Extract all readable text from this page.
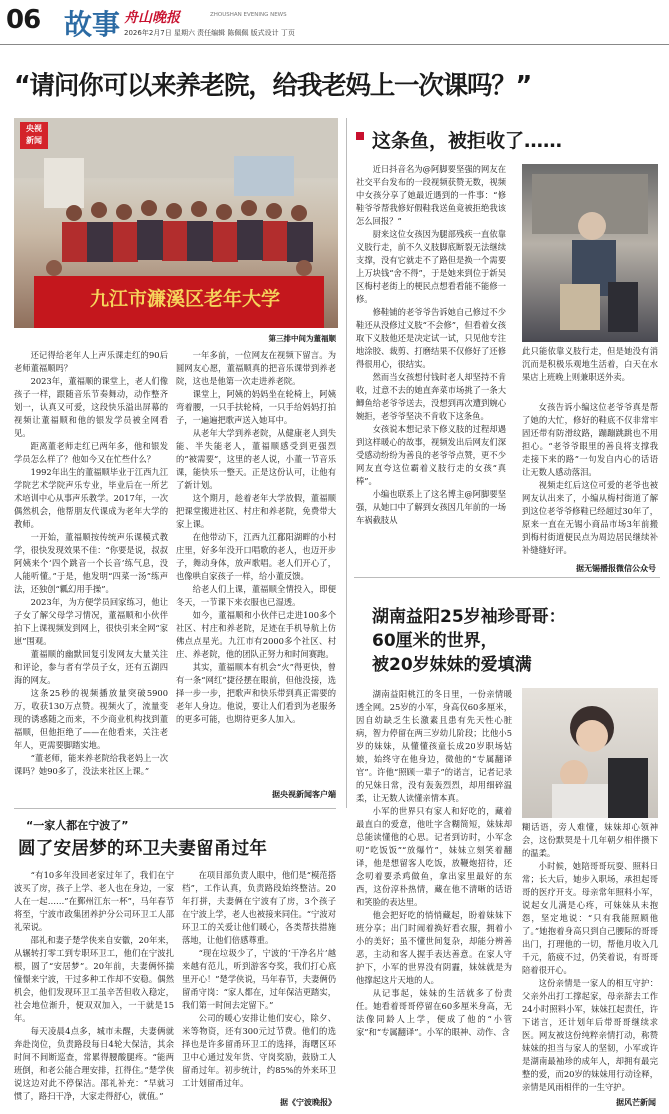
06 故事 舟山晚报	ZHOUSHAN EVENING NEWS
2026年2月7日 星期六 责任编辑 陈佩佩 版式设计 丁页
“请问你可以来养老院，给我老妈上一次课吗？”
央视
新闻
九江市濂溪区老年大学
第三排中间为董福顺

还记得给老年人上声乐课走红的90后老师董福顺吗？

2023年，董福顺的课堂上，老人们像孩子一样，跟随音乐节奏舞动，动作整齐划一，认真又可爱，这段快乐溢出屏幕的视频让董福顺和他的银发学员被全网看见。

距离董老师走红已两年多，他和银发学员怎么样了？他如今又在忙些什么？

1992年出生的董福顺毕业于江西九江学院艺术学院声乐专业，毕业后在一所艺术培训中心从事声乐教学。2017年，一次偶然机会，他帮朋友代课成为老年大学的教师。

一开始，董福顺按传统声乐课模式教学，很快发现效果不佳：“你要是说，叔叔阿姨来个‘四个跳音一个长音’练气息，没人能听懂。”于是，他发明“四菜一汤”练声法，还独创“瓤幻用手操”。

2023年，为方便学员回家练习，他让子女了解父母学习情况，董福顺和小伙伴拍下上课视频发到网上，很快引来全网“家崽”围观。

董福顺的幽默回复引发网友大量关注和评论，参与者有学员子女，还有五湖四海的网友。

这条25秒的视频播放量突破5900万，收获130万点赞。视频火了，流量变现的诱惑随之而来，不少商业机构找到董福顺，但他拒绝了——在他看来，关注老年人，更需要脚踏实地。

“董老师，能来养老院给我老妈上一次课吗？她90多了，没法来社区上课。”

一年多前，一位网友在视频下留言。为圆网友心愿，董福顺真的把音乐课带到养老院，这也是他第一次走进养老院。

课堂上，阿姨的妈妈坐在轮椅上，阿姨弯着腰，一只手扶轮椅，一只手给妈妈打拍子，一遍遍把歌声送入她耳中。

从老年大学到养老院，从健康老人到失能、半失能老人，董福顺感受到更强烈的“被需要”，这里的老人说，小董一节音乐课，能快乐一整天。正是这份认可，让他有了新计划。

这个期月，趁着老年大学放假，董福顺把课堂搬进社区、村庄和养老院，免费带大家上课。

在他带动下，江西九江鄱阳湖畔的小村庄里，好多年没开口唱歌的老人，也迈开步子，舞动身体，放声歌唱。老人们开心了，也像哄自家孩子一样，给小董反馈。

给老人们上课，董福顺全情投入，即便冬天，一节课下来衣服也已湿透。

如今，董福顺和小伙伴已走进100多个社区、村庄和养老院，足迹在手机导航上仿佛点点星光。九江市有2000多个社区、村庄、养老院，他的团队正努力和时间赛跑。

其实，董福顺本有机会“火”得更快，曾有一条“网红”捷径摆在眼前，但他没接，选择一步一步，把歌声和快乐带到真正需要的老年人身边。他说，要让人们看到为老服务的更多可能，也期待更多人加入。

据央视新闻客户端
这条鱼，被拒收了……

近日抖音名为@阿脚要坚强的网友在社交平台发布的一段视频获赞无数，视频中女孩分享了她最近遇到的一件事：“修鞋爷爷帮我修好假鞋我送鱼竟被拒绝我该怎么回报？”

厨来这位女孩因为腿部残疾一直依靠义肢行走，前不久义肢脚底断裂无法继续支撑，没有它就走不了路但是换一个需要上万块钱“舍不得”，于是她来到位于新吴区梅村老街上的梗民点想看看能不能修一修。

修鞋铺的老爷爷告诉她自己修过不少鞋还从没修过义肢“不会修”，但看着女孩取下义肢他还是决定试一试，只见他专注地涂胶、裁剪、打磨结果不仅修好了还修得很用心，很结实。

然而当女孩想付钱时老人却坚持不肯收，过意不去的她直奔菜市场挑了一条大鲫鱼给老爷爷送去，没想到再次遭到婉心婉拒，老爷爷坚决不肯收下这条鱼。

女孩说本想记录下修义肢的过程却遇到这样暖心的故事，视频发出后网友们深受感动纷纷为善良的老爷爷点赞，更不少网友直夸这位霸着义肢行走的女孩“真棒”。

小编也联系上了这名博主@阿脚要坚强，从她口中了解到女孩因几年前的一场车祸截肢从

此只能依靠义肢行走，但是她没有消沉而是积极乐观地生活着，白天在水果店上班晚上则兼职送外卖。

女孩告诉小编这位老爷爷真是帮了她的大忙，修好的鞋底不仅非常牢固还带有防滑纹路，蹦蹦跳跳也不用担心。“老爷爷眼里的善良将支撑我走接下来的路”一句发自内心的话语让无数人感动落泪。

视频走红后这位可爱的老爷也被网友认出来了，小编从梅村街道了解到这位老爷爷修鞋已经超过30年了，原来一直在无锡小商品市场3年前搬到梅村街道便民点为周边居民继续补补缝缝好评。

据无锡播报微信公众号
湖南益阳25岁袖珍哥哥：
60厘米的世界，
被20岁妹妹的爱填满

湖南益阳桃江的冬日里，一份亲情暖透全网。25岁的小军，身高仅60多厘米，因自幼缺乏生长激素且患有先天性心脏病，智力停留在两三岁幼儿阶段；比他小5岁的妹妹，从懂懂孩童长成20岁职场姑娘，始终守在他身边，微他的“专属翻译官”。许他“照顾一辈子”的诺言，记者记录的兄妹日常，没有轰轰烈烈，却用细碎温柔，让无数人读懂亲情本真。

小军的世界只有家人和好吃的，藏着最直白的爱意，他吐字含糊简短，妹妹却总能读懂他的心思。记者到访时，小军念叨“吃饭饭”“放爆竹”，妹妹立刻笑着翻译，他是想留客人吃饭，放鞭炮招待，还念叨着要杀鸡做鱼，拿出家里最好的东西，这份淳朴热情，藏在他不清晰的话语和笑脸的表达里。

他会把好吃的悄悄藏起，盼着妹妹下班分享；出门时闹着换好看衣服，拥着小小的美好；虽不懂世间复杂，却能分辨善恶，主动和客人握手表达善意。在家人守护下，小军的世界没有阴霾，妹妹就是为他撑起这片天地的人。

从记事起，妹妹的生活就多了份责任。她看着哥哥停留在60多厘米身高，无法像同龄人上学，便成了他的“小管家”和“专属翻译”。小军的眼神、动作、含

糊话语，旁人难懂，妹妹却心领神会，这份默契是十几年朝夕相伴攒下的温柔。

小时候，她陪哥哥玩耍、照料日常；长大后，她步入职场，承担起哥哥的医疗开支。母亲常年照料小军，说起女儿满是心疼，可妹妹从未抱怨，坚定地说：“只有我能照顾他了。”她抱着身高只到自己腰际的哥哥出门，打理他的一切，帮他月收入几千元，筋疲不过，仍笑着说，有哥哥陪着很开心。

这份亲情是一家人的相互守护：父亲外出打工撑起家，母亲辞去工作24小时照料小军，妹妹扛起责任，许下诺言，还计划年后带哥哥继续求医。网友被这份纯粹亲情打动，称赞妹妹的担当与家人的坚韧，小军或许是湖南最袖珍的成年人，却拥有最完整的爱，而20岁的妹妹用行动诠释，亲情是风雨相伴的一生守护。

据风芒新闻
“一家人都在宁波了”
圆了安居梦的环卫夫妻留甬过年

“有10多年没回老家过年了，我们在宁波买了房，孩子上学、老人也在身边，一家人在一起……”在鄞州江东一杯”，马年春节将至，宁波市政集团养护分公司环卫工人邵礼荣说。

邵礼和妻子楚学侠来自安徽，20年来，从辗转打零工到专职环卫工，他们在宁波扎根，圆了“安居梦”。20年前，夫妻俩怀揣憧憬来宁波，干过多种工作却不安稳。偶然机会，他们发现环卫工虽辛苦但收入稳定，社会地位渐升，便双双加入，一干就是15年。

每天凌晨4点多，城市未醒，夫妻俩就奔赴岗位，负责路段每日4轮大保洁，其余时间不间断巡查，常累得腰酸腿疼。“能两班倒，和老公能合理安排，扛得住。”楚学侠说这边对此不停保洁。邵礼补充：“早就习惯了，路扫干净，大家走得舒心，就值。”

在项目部负责人眼中，他们是“模范搭档”，工作认真，负责路段始终整洁。20年打拼，夫妻俩在宁波有了房，3个孩子在宁波上学，老人也被接来同住。“宁波对环卫工的关爱让他们暖心，各类帮扶措施落地，让他们倍感尊重。

“现在垃圾少了，宁波的‘干净名片’越来越有范儿，听到游客夸奖，我们打心底里开心！”楚学侠说，马年春节，夫妻俩仍留甬守岗：“家人都在，过年保洁更踏实，我们第一时间去定留下。”

公司的暖心安排让他们安心，除夕、米等物资，还有300元过节费。他们的选择也是许多留甬环卫工的选择，海曙区环卫中心通过发年货、守岗奖励，鼓励工人留甬过年。初步统计，约85%的外来环卫工计划留甬过年。

据《宁波晚报》
